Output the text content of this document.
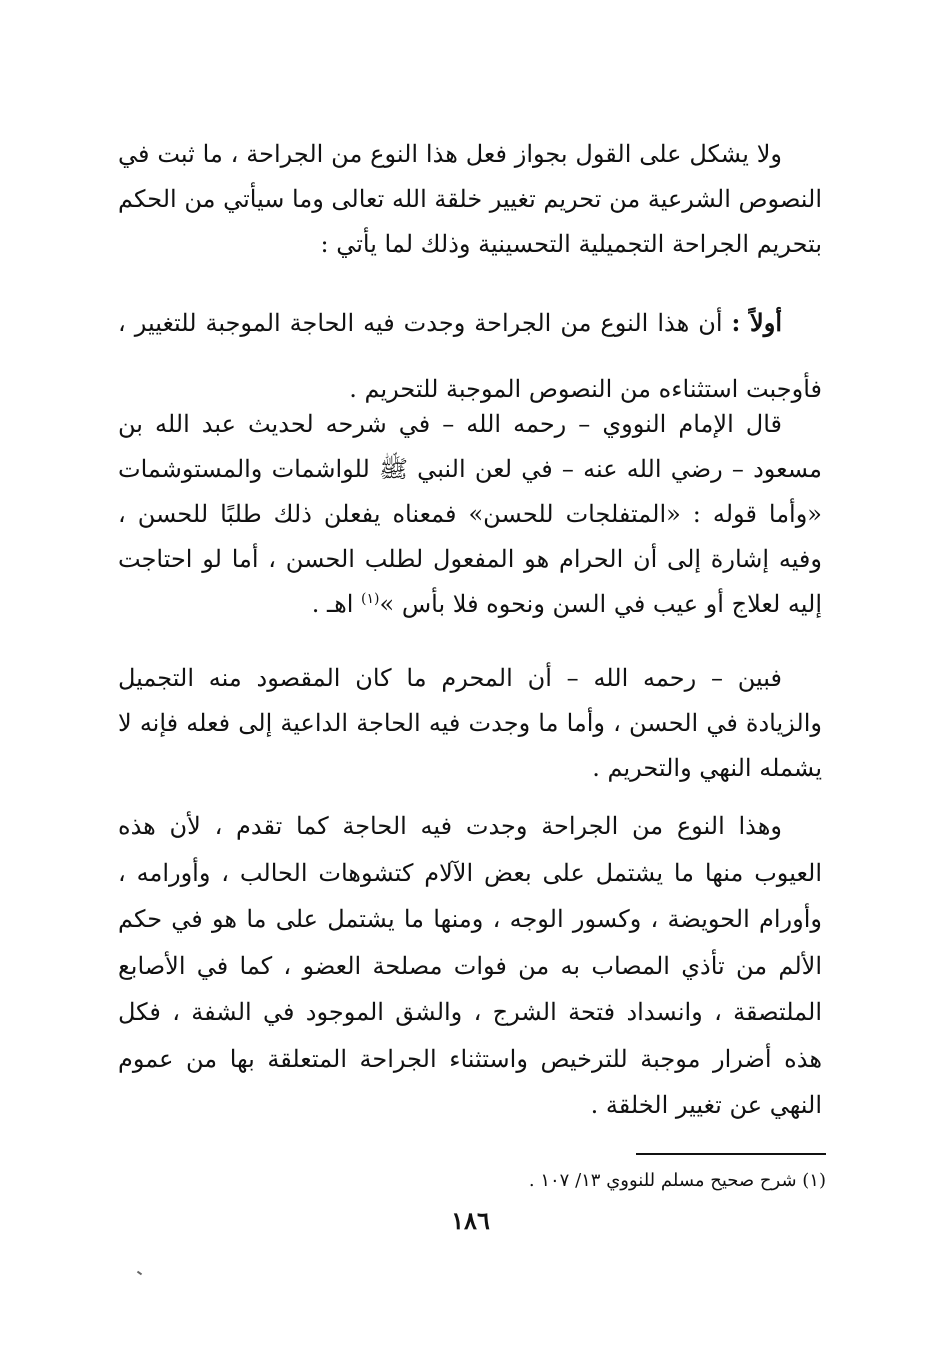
ولا يشكل على القول بجواز فعل هذا النوع من الجراحة ، ما ثبت في النصوص الشرعية من تحريم تغيير خلقة الله تعالى وما سيأتي من الحكم بتحريم الجراحة التجميلية التحسينية وذلك لما يأتي :

أولاً : أن هذا النوع من الجراحة وجدت فيه الحاجة الموجبة للتغيير ، فأوجبت استثناءه من النصوص الموجبة للتحريم .

قال الإمام النووي – رحمه الله – في شرحه لحديث عبد الله بن مسعود – رضي الله عنه – في لعن النبي ﷺ للواشمات والمستوشمات «وأما قوله : «المتفلجات للحسن» فمعناه يفعلن ذلك طلبًا للحسن ، وفيه إشارة إلى أن الحرام هو المفعول لطلب الحسن ، أما لو احتاجت إليه لعلاج أو عيب في السن ونحوه فلا بأس »$^{(١)}$ اهـ .

فبين – رحمه الله – أن المحرم ما كان المقصود منه التجميل والزيادة في الحسن ، وأما ما وجدت فيه الحاجة الداعية إلى فعله فإنه لا يشمله النهي والتحريم .

وهذا النوع من الجراحة وجدت فيه الحاجة كما تقدم ، لأن هذه العيوب منها ما يشتمل على بعض الآلام كتشوهات الحالب ، وأورامه ، وأورام الحويضة ، وكسور الوجه ، ومنها ما يشتمل على ما هو في حكم الألم من تأذي المصاب به من فوات مصلحة العضو ، كما في الأصابع الملتصقة ، وانسداد فتحة الشرج ، والشق الموجود في الشفة ، فكل هذه أضرار موجبة للترخيص واستثناء الجراحة المتعلقة بها من عموم النهي عن تغيير الخلقة .

(١) شرح صحيح مسلم للنووي ١٣/ ١٠٧ .
١٨٦
